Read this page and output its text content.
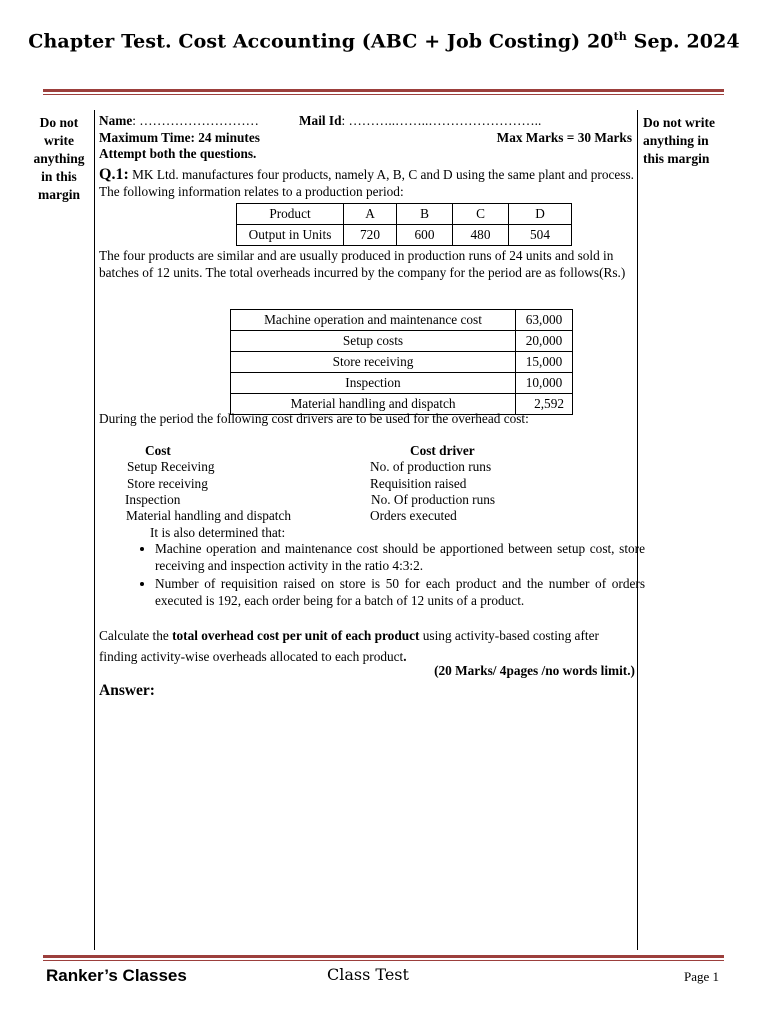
Chapter Test. Cost Accounting (ABC + Job Costing) 20th Sep. 2024
Do not write anything in this margin
Do not write anything in this margin
Name: ………………………	Mail Id: ………..……..……………………..
Maximum Time: 24 minutes	Max Marks = 30 Marks
Attempt both the questions.
Q.1: MK Ltd. manufactures four products, namely A, B, C and D using the same plant and process. The following information relates to a production period:
Product	A	B	C	D
Output in Units	720	600	480	504
The four products are similar and are usually produced in production runs of 24 units and sold in batches of 12 units. The total overheads incurred by the company for the period are as follows(Rs.)
Machine operation and maintenance cost	63,000
Setup costs	20,000
Store receiving	15,000
Inspection	10,000
Material handling and dispatch	2,592
During the period the following cost drivers are to be used for the overhead cost:
Cost	Cost driver
Setup Receiving	No. of production runs
Store receiving	Requisition raised
Inspection	No. Of production runs
Material handling and dispatch	Orders executed
It is also determined that:
• Machine operation and maintenance cost should be apportioned between setup cost, store receiving and inspection activity in the ratio 4:3:2.
• Number of requisition raised on store is 50 for each product and the number of orders executed is 192, each order being for a batch of 12 units of a product.
Calculate the total overhead cost per unit of each product using activity-based costing after finding activity-wise overheads allocated to each product.
(20 Marks/ 4pages /no words limit.)
Answer:
Ranker’s Classes	Class Test	Page 1
